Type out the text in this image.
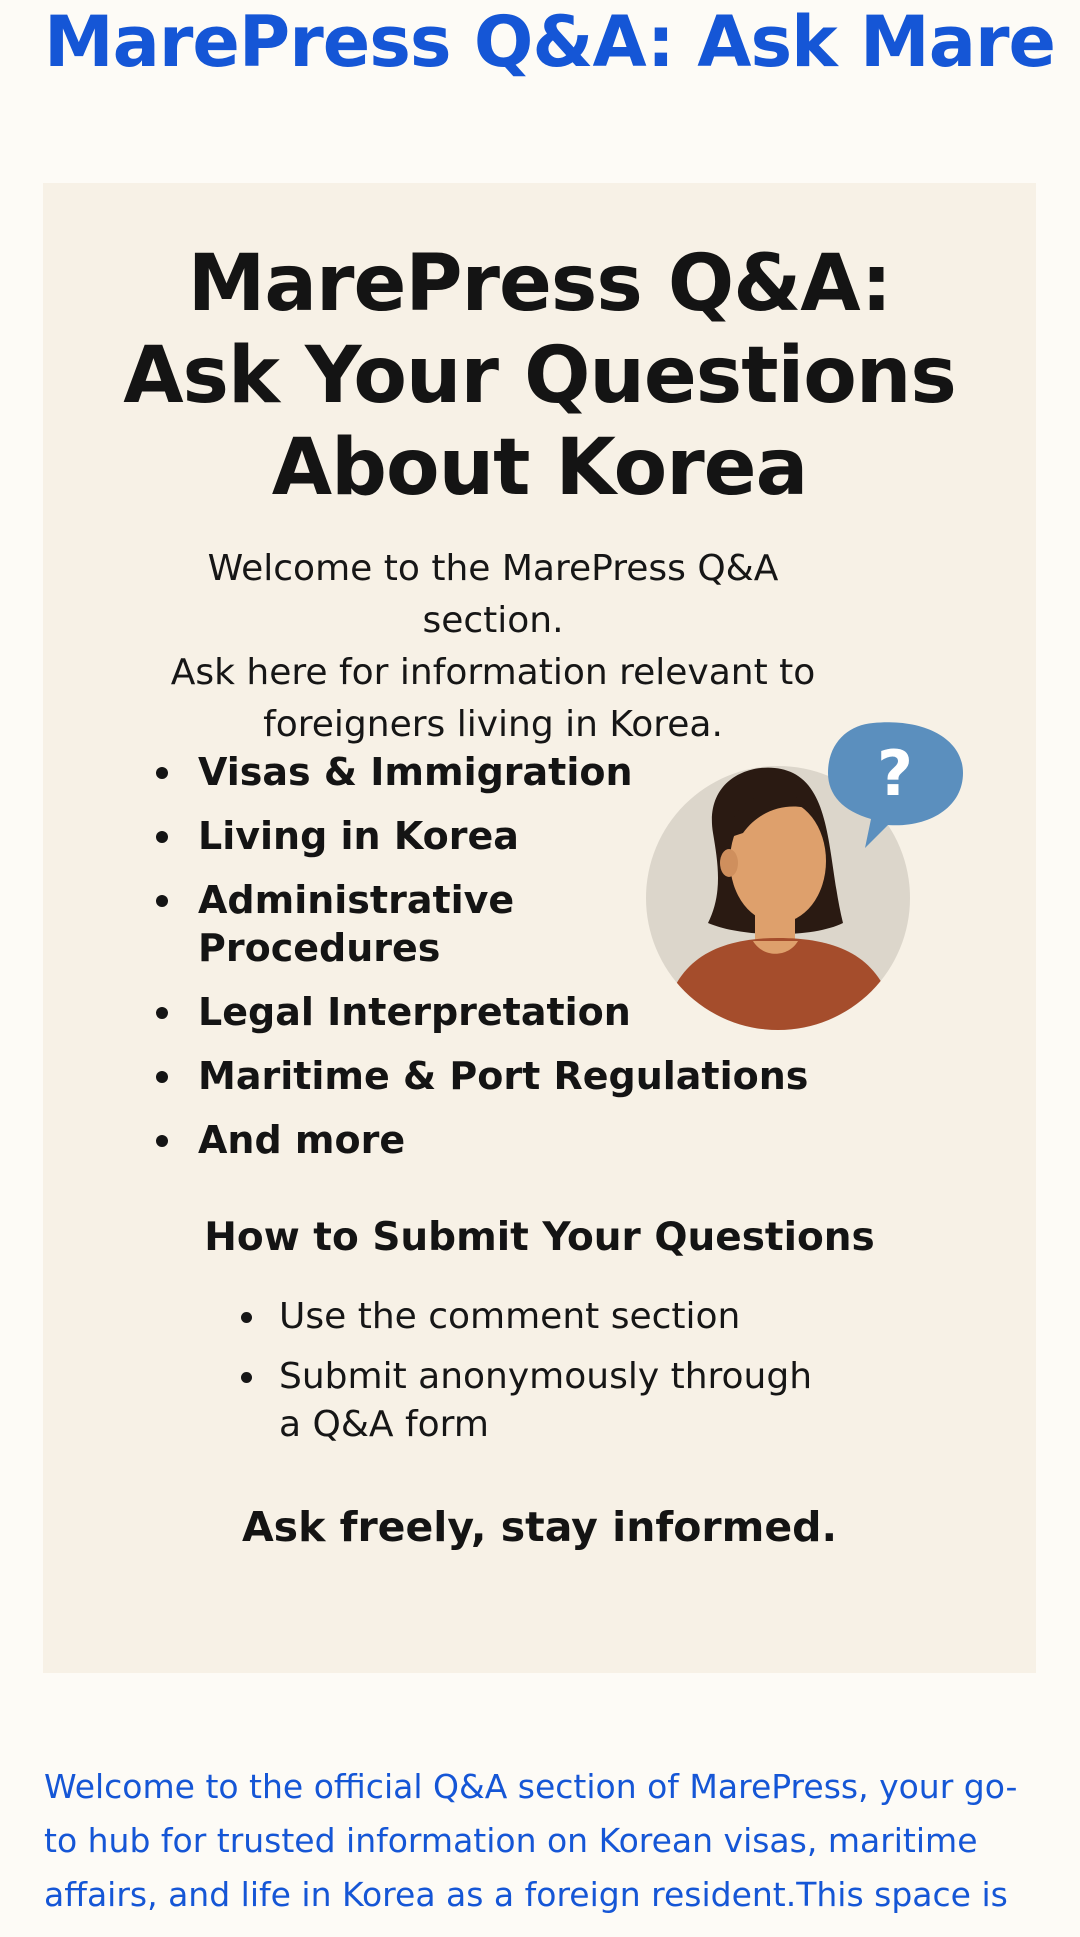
MarePress Q&A: Ask Mare
MarePress Q&A:
Ask Your Questions
About Korea
Welcome to the MarePress Q&A section.
Ask here for information relevant to
foreigners living in Korea.
Visas & Immigration
Living in Korea
Administrative
Procedures
Legal Interpretation
Maritime & Port Regulations
And more
?
How to Submit Your Questions
Use the comment section
Submit anonymously through
a Q&A form
Ask freely, stay informed.
Welcome to the official Q&A section of MarePress, your go-
to hub for trusted information on Korean visas, maritime
affairs, and life in Korea as a foreign resident.This space is
